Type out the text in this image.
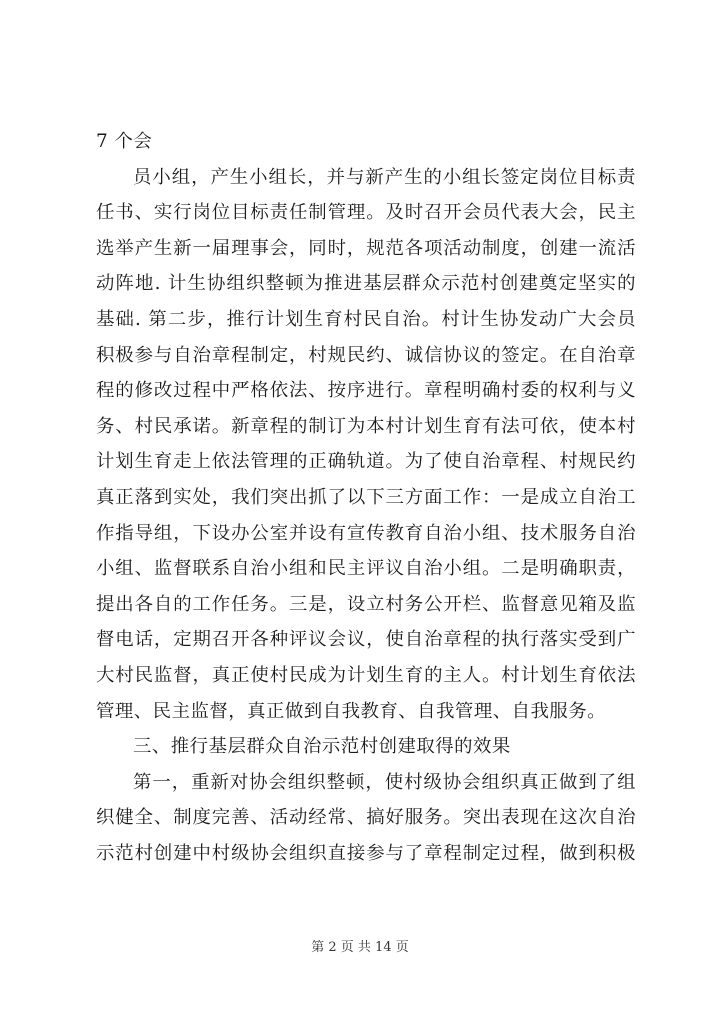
7 个会
员小组，产生小组长，并与新产生的小组长签定岗位目标责
任书、实行岗位目标责任制管理。及时召开会员代表大会，民主
选举产生新一届理事会，同时，规范各项活动制度，创建一流活
动阵地. 计生协组织整顿为推进基层群众示范村创建奠定坚实的
基础. 第二步，推行计划生育村民自治。村计生协发动广大会员
积极参与自治章程制定，村规民约、诚信协议的签定。在自治章
程的修改过程中严格依法、按序进行。章程明确村委的权利与义
务、村民承诺。新章程的制订为本村计划生育有法可依，使本村
计划生育走上依法管理的正确轨道。为了使自治章程、村规民约
真正落到实处，我们突出抓了以下三方面工作：一是成立自治工
作指导组，下设办公室并设有宣传教育自治小组、技术服务自治
小组、监督联系自治小组和民主评议自治小组。二是明确职责，
提出各自的工作任务。三是，设立村务公开栏、监督意见箱及监
督电话，定期召开各种评议会议，使自治章程的执行落实受到广
大村民监督，真正使村民成为计划生育的主人。村计划生育依法
管理、民主监督，真正做到自我教育、自我管理、自我服务。
三、推行基层群众自治示范村创建取得的效果
第一，重新对协会组织整顿，使村级协会组织真正做到了组
织健全、制度完善、活动经常、搞好服务。突出表现在这次自治
示范村创建中村级协会组织直接参与了章程制定过程，做到积极
第 2 页 共 14 页
